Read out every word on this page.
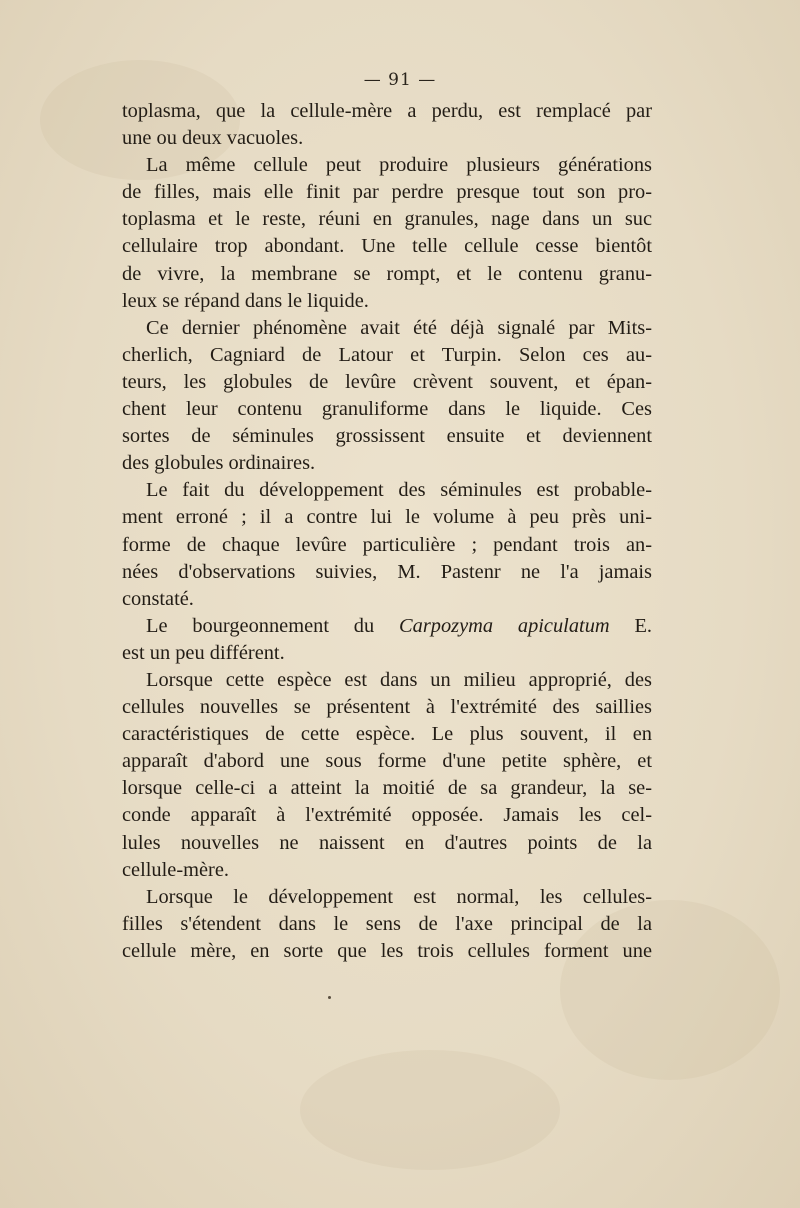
— 91 —
toplasma, que la cellule-mère a perdu, est remplacé par
une ou deux vacuoles.
La même cellule peut produire plusieurs générations
de filles, mais elle finit par perdre presque tout son pro-
toplasma et le reste, réuni en granules, nage dans un suc
cellulaire trop abondant. Une telle cellule cesse bientôt
de vivre, la membrane se rompt, et le contenu granu-
leux se répand dans le liquide.
Ce dernier phénomène avait été déjà signalé par Mits-
cherlich, Cagniard de Latour et Turpin. Selon ces au-
teurs, les globules de levûre crèvent souvent, et épan-
chent leur contenu granuliforme dans le liquide. Ces
sortes de séminules grossissent ensuite et deviennent
des globules ordinaires.
Le fait du développement des séminules est probable-
ment erroné ; il a contre lui le volume à peu près uni-
forme de chaque levûre particulière ; pendant trois an-
nées d'observations suivies, M. Pastenr ne l'a jamais
constaté.
Le bourgeonnement du Carpozyma apiculatum E.
est un peu différent.
Lorsque cette espèce est dans un milieu approprié, des
cellules nouvelles se présentent à l'extrémité des saillies
caractéristiques de cette espèce. Le plus souvent, il en
apparaît d'abord une sous forme d'une petite sphère, et
lorsque celle-ci a atteint la moitié de sa grandeur, la se-
conde apparaît à l'extrémité opposée. Jamais les cel-
lules nouvelles ne naissent en d'autres points de la
cellule-mère.
Lorsque le développement est normal, les cellules-
filles s'étendent dans le sens de l'axe principal de la
cellule mère, en sorte que les trois cellules forment une
